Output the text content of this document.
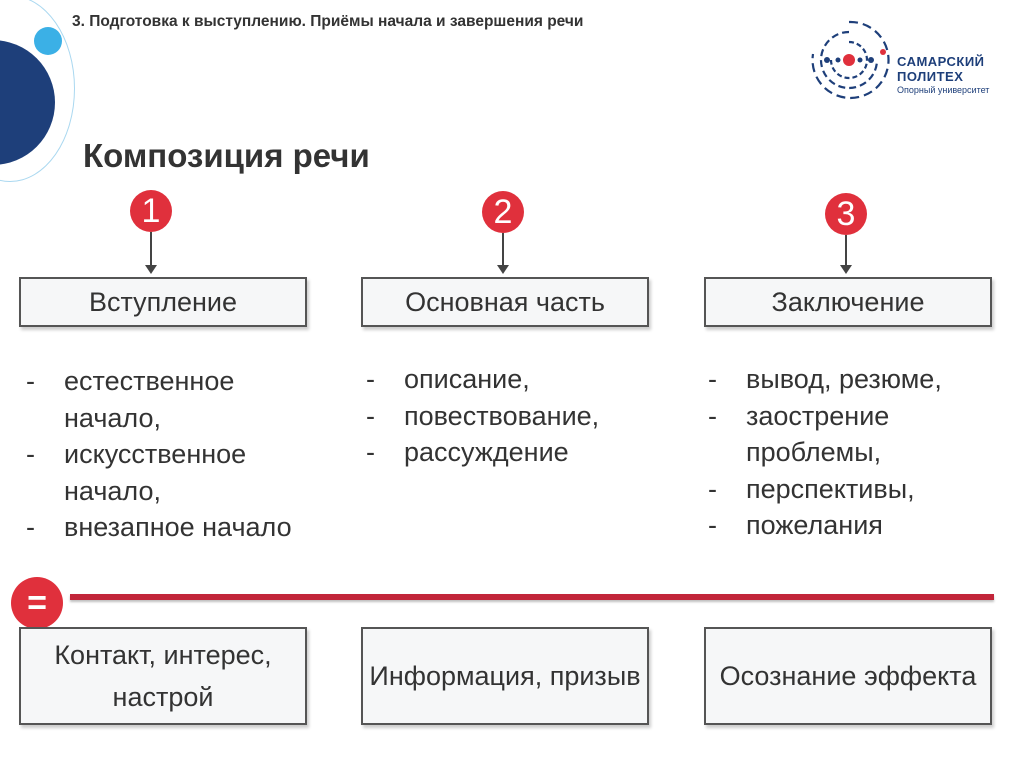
3. Подготовка к выступлению. Приёмы начала и завершения речи
САМАРСКИЙ
ПОЛИТЕХ
Опорный университет
Композиция речи
1
Вступление
- естественное начало,
- искусственное начало,
- внезапное начало
2
Основная часть
- описание,
- повествование,
- рассуждение
3
Заключение
- вывод, резюме,
- заострение проблемы,
- перспективы,
- пожелания
=
Контакт, интерес, настрой
Информация, призыв	Осознание эффекта
